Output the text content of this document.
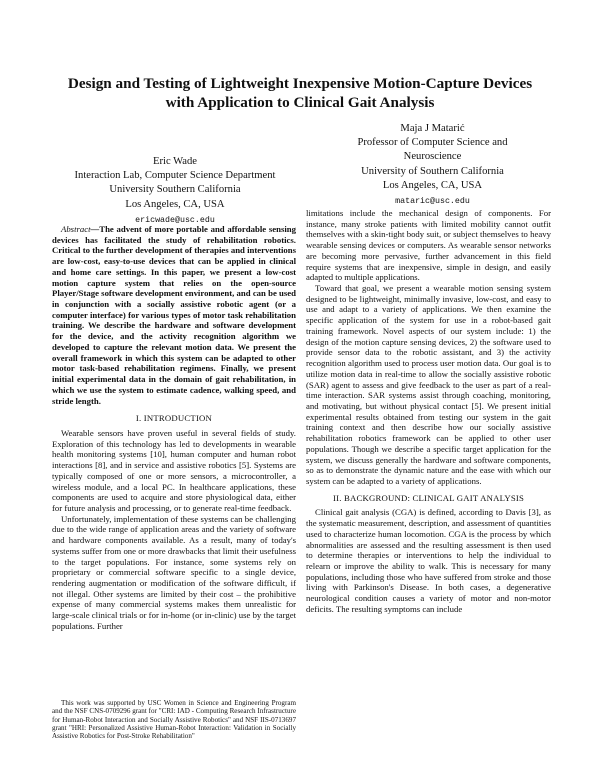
Design and Testing of Lightweight Inexpensive Motion-Capture Devices
with Application to Clinical Gait Analysis
Eric Wade
Interaction Lab, Computer Science Department
University Southern California
Los Angeles, CA, USA
ericwade@usc.edu
Maja J Matarić
Professor of Computer Science and
Neuroscience
University of Southern California
Los Angeles, CA, USA
mataric@usc.edu

Abstract—The advent of more portable and affordable sensing devices has facilitated the study of rehabilitation robotics. Critical to the further development of therapies and interventions are low-cost, easy-to-use devices that can be applied in clinical and home care settings. In this paper, we present a low-cost motion capture system that relies on the open-source Player/Stage software development environment, and can be used in conjunction with a socially assistive robotic agent (or a computer interface) for various types of motor task rehabilitation training. We describe the hardware and software development for the device, and the activity recognition algorithm we developed to capture the relevant motion data. We present the overall framework in which this system can be adapted to other motor task-based rehabilitation regimens. Finally, we present initial experimental data in the domain of gait rehabilitation, in which we use the system to estimate cadence, walking speed, and stride length.

I. INTRODUCTION

Wearable sensors have proven useful in several fields of study. Exploration of this technology has led to developments in wearable health monitoring systems [10], human computer and human robot interactions [8], and in service and assistive robotics [5]. Systems are typically composed of one or more sensors, a microcontroller, a wireless module, and a local PC. In healthcare applications, these components are used to acquire and store physiological data, either for future analysis and processing, or to generate real-time feedback.

Unfortunately, implementation of these systems can be challenging due to the wide range of application areas and the variety of software and hardware components available. As a result, many of today's systems suffer from one or more drawbacks that limit their usefulness to the target populations. For instance, some systems rely on proprietary or commercial software specific to a single device, rendering augmentation or modification of the software difficult, if not illegal. Other systems are limited by their cost – the prohibitive expense of many commercial systems makes them unrealistic for large-scale clinical trials or for in-home (or in-clinic) use by the target populations. Further

limitations include the mechanical design of components. For instance, many stroke patients with limited mobility cannot outfit themselves with a skin-tight body suit, or subject themselves to heavy wearable sensing devices or computers. As wearable sensor networks are becoming more pervasive, further advancement in this field require systems that are inexpensive, simple in design, and easily adapted to multiple applications.

Toward that goal, we present a wearable motion sensing system designed to be lightweight, minimally invasive, low-cost, and easy to use and adapt to a variety of applications. We then examine the specific application of the system for use in a robot-based gait training framework. Novel aspects of our system include: 1) the design of the motion capture sensing devices, 2) the software used to provide sensor data to the robotic assistant, and 3) the activity recognition algorithm used to process user motion data. Our goal is to utilize motion data in real-time to allow the socially assistive robotic (SAR) agent to assess and give feedback to the user as part of a real-time interaction. SAR systems assist through coaching, monitoring, and motivating, but without physical contact [5]. We present initial experimental results obtained from testing our system in the gait training context and then describe how our socially assistive rehabilitation robotics framework can be applied to other user populations. Though we describe a specific target application for the system, we discuss generally the hardware and software components, so as to demonstrate the dynamic nature and the ease with which our system can be adapted to a variety of applications.

II. BACKGROUND: CLINICAL GAIT ANALYSIS

Clinical gait analysis (CGA) is defined, according to Davis [3], as the systematic measurement, description, and assessment of quantities used to characterize human locomotion. CGA is the process by which abnormalities are assessed and the resulting assessment is then used to determine therapies or interventions to help the individual to relearn or improve the ability to walk. This is necessary for many populations, including those who have suffered from stroke and those living with Parkinson's Disease. In both cases, a degenerative neurological condition causes a variety of motor and non-motor deficits. The resulting symptoms can include

This work was supported by USC Women in Science and Engineering Program and the NSF CNS-0709296 grant for "CRI: IAD - Computing Research Infrastructure for Human-Robot Interaction and Socially Assistive Robotics" and NSF IIS-0713697 grant "HRI: Personalized Assistive Human-Robot Interaction: Validation in Socially Assistive Robotics for Post-Stroke Rehabilitation"
